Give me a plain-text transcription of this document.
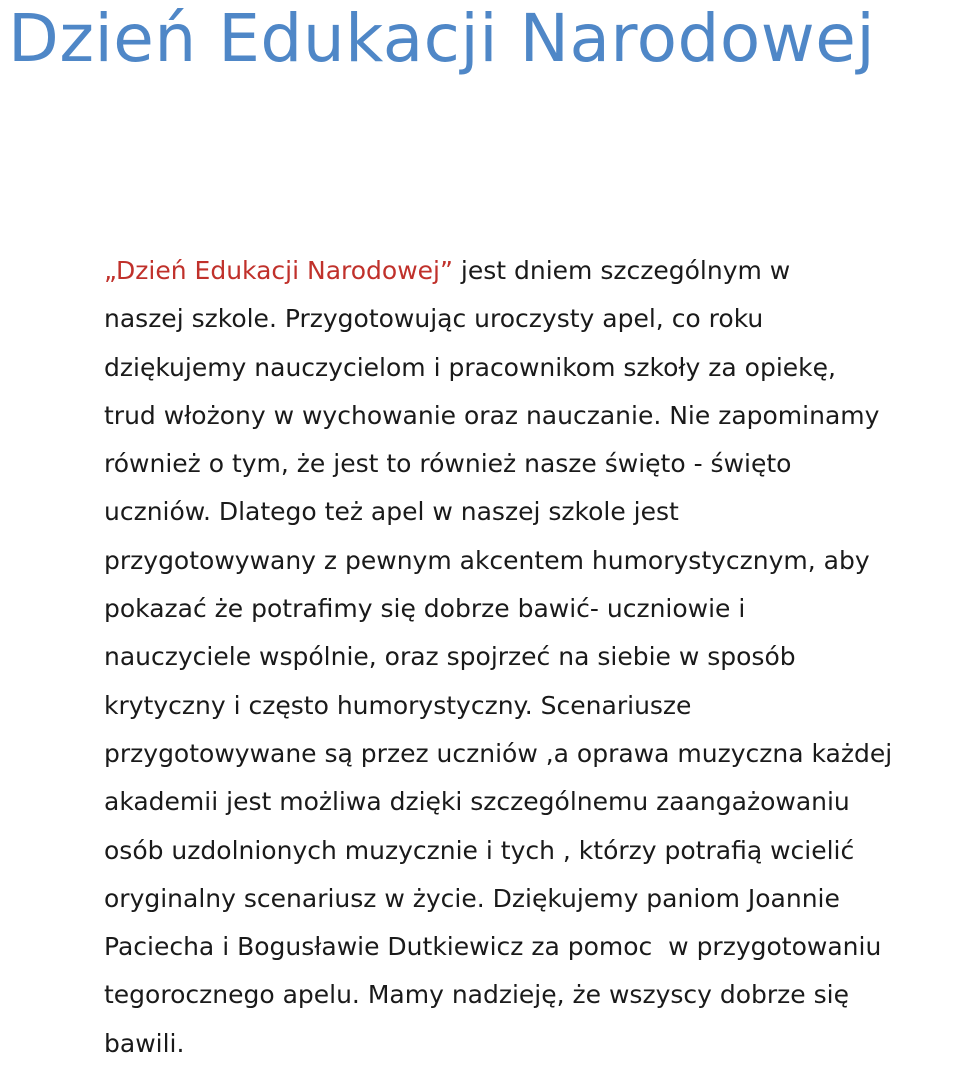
Dzień Edukacji Narodowej

„Dzień Edukacji Narodowej” jest dniem szczególnym w
naszej szkole. Przygotowując uroczysty apel, co roku
dziękujemy nauczycielom i pracownikom szkoły za opiekę,
trud włożony w wychowanie oraz nauczanie. Nie zapominamy
również o tym, że jest to również nasze święto - święto
uczniów. Dlatego też apel w naszej szkole jest
przygotowywany z pewnym akcentem humorystycznym, aby
pokazać że potrafimy się dobrze bawić- uczniowie i
nauczyciele wspólnie, oraz spojrzeć na siebie w sposób
krytyczny i często humorystyczny. Scenariusze
przygotowywane są przez uczniów ,a oprawa muzyczna każdej
akademii jest możliwa dzięki szczególnemu zaangażowaniu
osób uzdolnionych muzycznie i tych , którzy potrafią wcielić
oryginalny scenariusz w życie. Dziękujemy paniom Joannie
Paciecha i Bogusławie Dutkiewicz za pomoc  w przygotowaniu
tegorocznego apelu. Mamy nadzieję, że wszyscy dobrze się
bawili.
